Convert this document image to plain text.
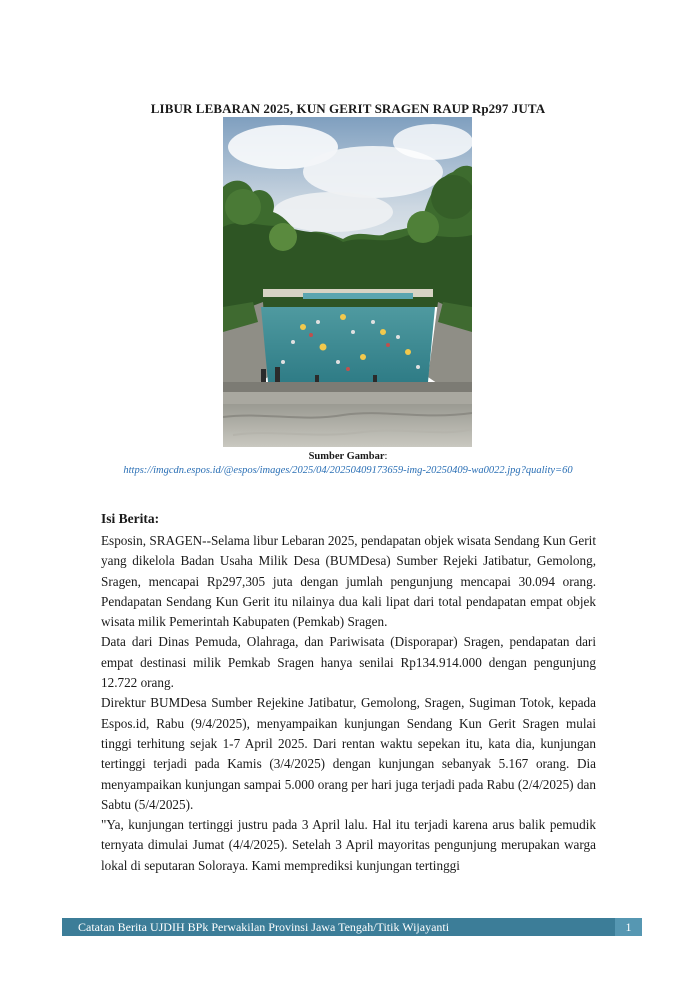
LIBUR LEBARAN 2025, KUN GERIT SRAGEN RAUP Rp297 JUTA
Sumber Gambar:
https://imgcdn.espos.id/@espos/images/2025/04/20250409173659-img-20250409-wa0022.jpg?quality=60
Isi Berita:

Esposin, SRAGEN--Selama libur Lebaran 2025, pendapatan objek wisata Sendang Kun Gerit yang dikelola Badan Usaha Milik Desa (BUMDesa) Sumber Rejeki Jatibatur, Gemolong, Sragen, mencapai Rp297,305 juta dengan jumlah pengunjung mencapai 30.094 orang. Pendapatan Sendang Kun Gerit itu nilainya dua kali lipat dari total pendapatan empat objek wisata milik Pemerintah Kabupaten (Pemkab) Sragen.

Data dari Dinas Pemuda, Olahraga, dan Pariwisata (Disporapar) Sragen, pendapatan dari empat destinasi milik Pemkab Sragen hanya senilai Rp134.914.000 dengan pengunjung 12.722 orang.

Direktur BUMDesa Sumber Rejekine Jatibatur, Gemolong, Sragen, Sugiman Totok, kepada Espos.id, Rabu (9/4/2025), menyampaikan kunjungan Sendang Kun Gerit Sragen mulai tinggi terhitung sejak 1-7 April 2025. Dari rentan waktu sepekan itu, kata dia, kunjungan tertinggi terjadi pada Kamis (3/4/2025) dengan kunjungan sebanyak 5.167 orang. Dia menyampaikan kunjungan sampai 5.000 orang per hari juga terjadi pada Rabu (2/4/2025) dan Sabtu (5/4/2025).

"Ya, kunjungan tertinggi justru pada 3 April lalu. Hal itu terjadi karena arus balik pemudik ternyata dimulai Jumat (4/4/2025). Setelah 3 April mayoritas pengunjung merupakan warga lokal di seputaran Soloraya. Kami memprediksi kunjungan tertinggi

Catatan Berita UJDIH BPk Perwakilan Provinsi Jawa Tengah/Titik Wijayanti	1
